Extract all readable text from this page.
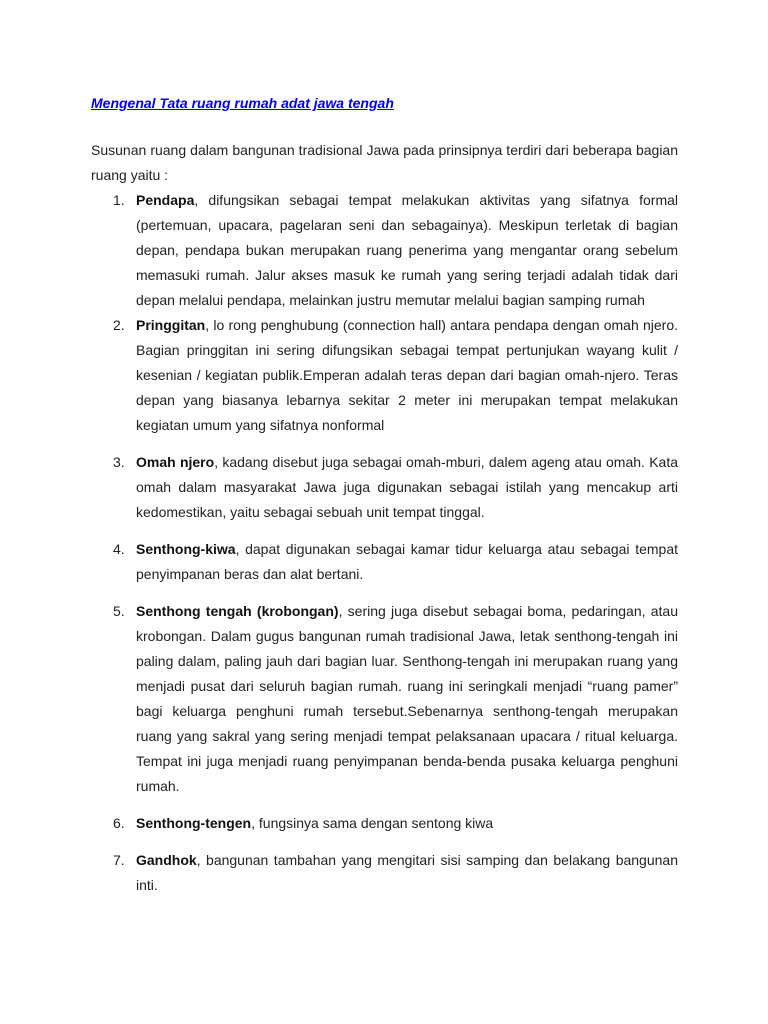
Mengenal Tata ruang rumah adat jawa tengah

Susunan ruang dalam bangunan tradisional Jawa pada prinsipnya terdiri dari beberapa bagian ruang yaitu :

1. Pendapa, difungsikan sebagai tempat melakukan aktivitas yang sifatnya formal (pertemuan, upacara, pagelaran seni dan sebagainya). Meskipun terletak di bagian depan, pendapa bukan merupakan ruang penerima yang mengantar orang sebelum memasuki rumah. Jalur akses masuk ke rumah yang sering terjadi adalah tidak dari depan melalui pendapa, melainkan justru memutar melalui bagian samping rumah
2. Pringgitan, lo rong penghubung (connection hall) antara pendapa dengan omah njero. Bagian pringgitan ini sering difungsikan sebagai tempat pertunjukan wayang kulit / kesenian / kegiatan publik.Emperan adalah teras depan dari bagian omah-njero. Teras depan yang biasanya lebarnya sekitar 2 meter ini merupakan tempat melakukan kegiatan umum yang sifatnya nonformal
3. Omah njero, kadang disebut juga sebagai omah-mburi, dalem ageng atau omah. Kata omah dalam masyarakat Jawa juga digunakan sebagai istilah yang mencakup arti kedomestikan, yaitu sebagai sebuah unit tempat tinggal.
4. Senthong-kiwa, dapat digunakan sebagai kamar tidur keluarga atau sebagai tempat penyimpanan beras dan alat bertani.
5. Senthong tengah (krobongan), sering juga disebut sebagai boma, pedaringan, atau krobongan. Dalam gugus bangunan rumah tradisional Jawa, letak senthong-tengah ini paling dalam, paling jauh dari bagian luar. Senthong-tengah ini merupakan ruang yang menjadi pusat dari seluruh bagian rumah. ruang ini seringkali menjadi “ruang pamer” bagi keluarga penghuni rumah tersebut.Sebenarnya senthong-tengah merupakan ruang yang sakral yang sering menjadi tempat pelaksanaan upacara / ritual keluarga. Tempat ini juga menjadi ruang penyimpanan benda-benda pusaka keluarga penghuni rumah.
6. Senthong-tengen, fungsinya sama dengan sentong kiwa
7. Gandhok, bangunan tambahan yang mengitari sisi samping dan belakang bangunan inti.
